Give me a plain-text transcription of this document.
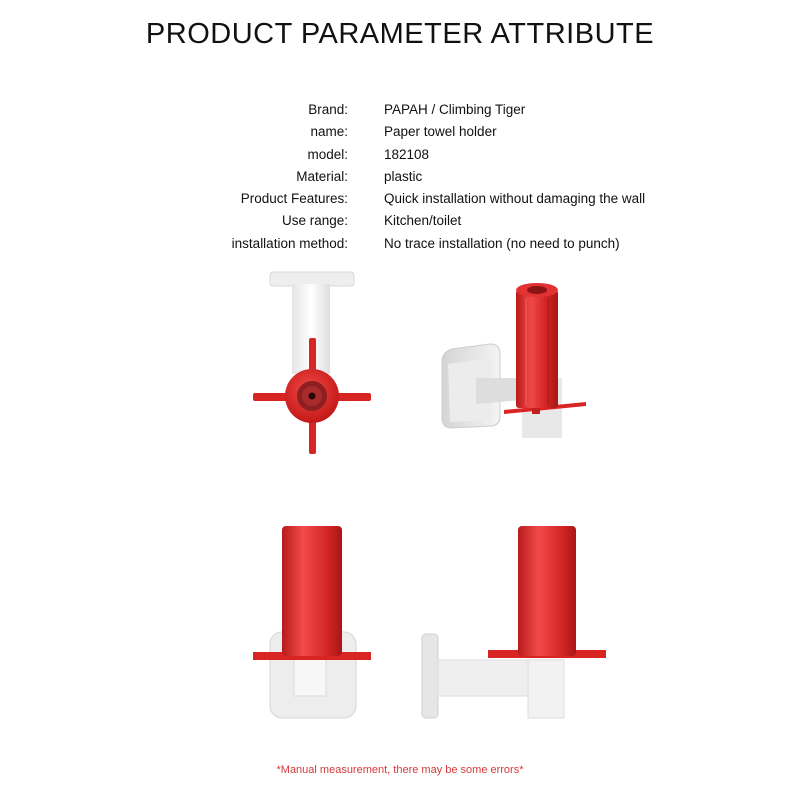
PRODUCT PARAMETER ATTRIBUTE
Brand:	PAPAH / Climbing Tiger
name:	Paper towel holder
model:	182108
Material:	plastic
Product Features:	Quick installation without damaging the wall
Use range:	Kitchen/toilet
installation method:	No trace installation (no need to punch)
*Manual measurement, there may be some errors*
